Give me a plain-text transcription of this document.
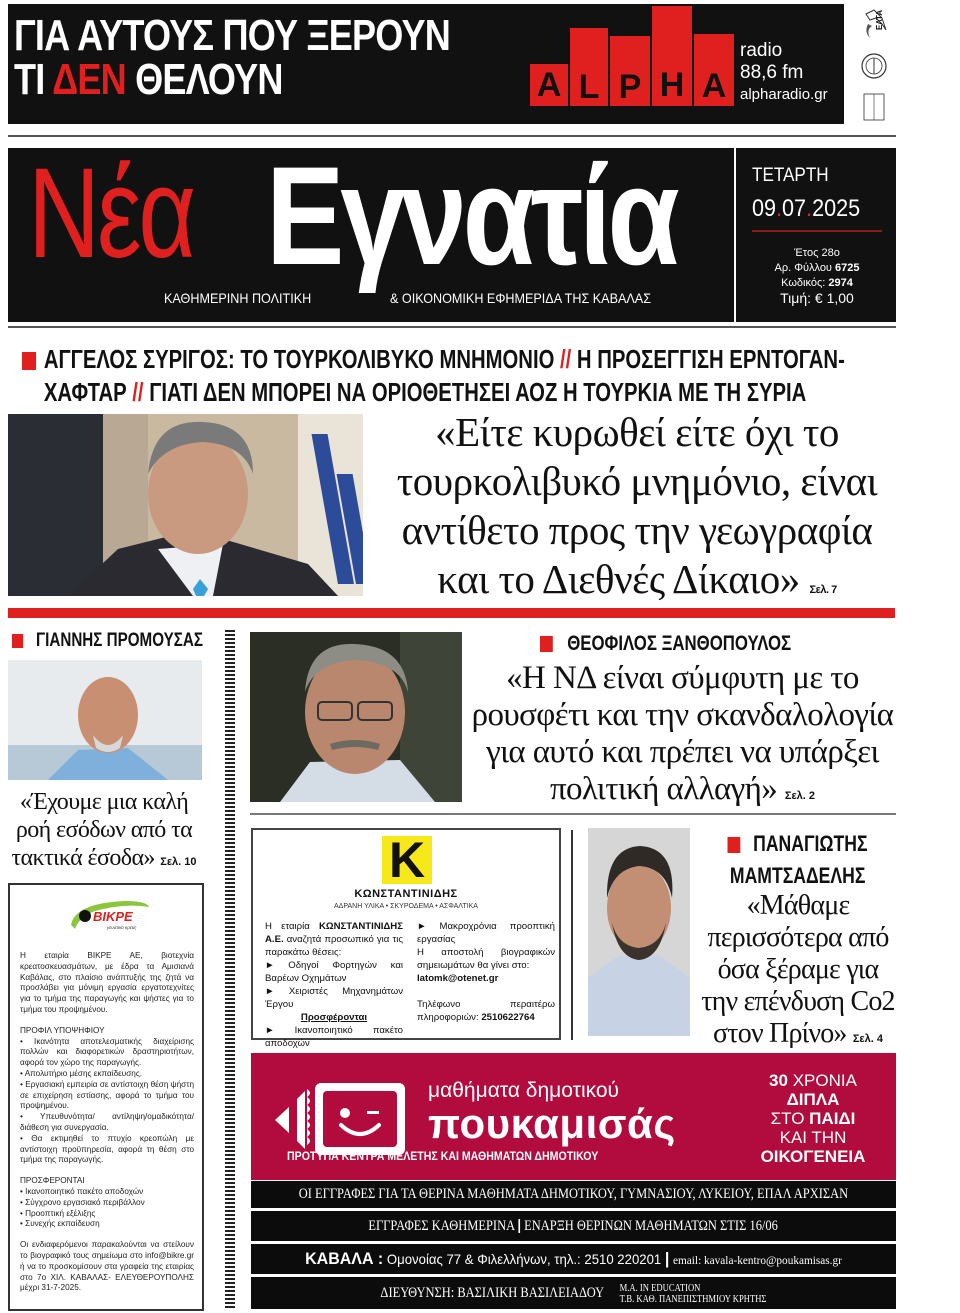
ΓΙΑ ΑΥΤΟΥΣ ΠΟΥ ΞΕΡΟΥΝ
ΤΙ ΔΕΝ ΘΕΛΟΥΝ	A L P H A
radio
88,6 fm
alpharadio.gr
ΕΛΤΑ
Νέα Εγνατία
ΚΑΘΗΜΕΡΙΝΗ ΠΟΛΙΤΙΚΗ	& ΟΙΚΟΝΟΜΙΚΗ ΕΦΗΜΕΡΙΔΑ ΤΗΣ ΚΑΒΑΛΑΣ
ΤΕΤΑΡΤΗ
09.07.2025
Έτος 28ο
Αρ. Φύλλου 6725
Κωδικός: 2974
Τιμή: € 1,00
ΑΓΓΕΛΟΣ ΣΥΡΙΓΟΣ: ΤΟ ΤΟΥΡΚΟΛΙΒΥΚΟ ΜΝΗΜΟΝΙΟ // Η ΠΡΟΣΕΓΓΙΣΗ ΕΡΝΤΟΓΑΝ-
ΧΑΦΤΑΡ // ΓΙΑΤΙ ΔΕΝ ΜΠΟΡΕΙ ΝΑ ΟΡΙΟΘΕΤΗΣΕΙ ΑΟΖ Η ΤΟΥΡΚΙΑ ΜΕ ΤΗ ΣΥΡΙΑ
«Είτε κυρωθεί είτε όχι το τουρκολιβυκό μνημόνιο, είναι αντίθετο προς την γεωγραφία και το Διεθνές Δίκαιο» Σελ. 7
ΓΙΑΝΝΗΣ ΠΡΟΜΟΥΣΑΣ
«Έχουμε μια καλή ροή εσόδων από τα τακτικά έσοδα» Σελ. 10
ΘΕΟΦΙΛΟΣ ΞΑΝΘΟΠΟΥΛΟΣ
«Η ΝΔ είναι σύμφυτη με το ρουσφέτι και την σκανδαλολογία για αυτό και πρέπει να υπάρξει πολιτική αλλαγή» Σελ. 2
K
ΚΩΝΣΤΑΝΤΙΝΙΔΗΣ
ΑΔΡΑΝΗ ΥΛΙΚΑ • ΣΚΥΡΟΔΕΜΑ • ΑΣΦΑΛΤΙΚΑ
Η εταιρία ΚΩΝΣΤΑΝΤΙΝΙΔΗΣ Α.Ε. αναζητά προσωπικό για τις παρακάτω θέσεις:
► Οδηγοί Φορτηγών και Βαρέων Οχημάτων
► Χειριστές Μηχανημάτων Έργου
Προσφέρονται
► Ικανοποιητικό πακέτο αποδοχών
► Μακροχρόνια προοπτική εργασίας
Η αποστολή βιογραφικών σημειωμάτων θα γίνει στο:
latomk@otenet.gr
Τηλέφωνο περαιτέρω πληροφοριών: 2510622764
ΠΑΝΑΓΙΩΤΗΣ
ΜΑΜΤΣΑΔΕΛΗΣ
«Μάθαμε περισσότερα από όσα ξέραμε για την επένδυση Co2 στον Πρίνο» Σελ. 4
BIKPE
γευστικό κρέας

Η εταιρία ΒΙΚΡΕ ΑΕ, βιοτεχνία κρεατοσκευασμάτων, με έδρα τα Αμισιανά Καβάλας, στο πλαίσιο ανάπτυξής της ζητά να προσλάβει για μόνιμη εργασία εργατοτεχνίτες για το τμήμα της παραγωγής και ψήστες για το τμήμα του προψημένου.

ΠΡΟΦΙΛ ΥΠΟΨΗΦΙΟΥ

• Ικανότητα αποτελεσματικής διαχείρισης πολλών και διαφορετικών δραστηριοτήτων, αφορά τον χώρο της παραγωγής.
• Απολυτήριο μέσης εκπαίδευσης.
• Εργασιακή εμπειρία σε αντίστοιχη θέση ψήστη σε επιχείρηση εστίασης, αφορά το τμήμα του προψημένου.
• Υπευθυνότητα/ αντίληψη/ομαδικότητα/ διάθεση για συνεργασία.
• Θα εκτιμηθεί το πτυχίο κρεοπώλη με αντίστοιχη προϋπηρεσία, αφορά τη θέση στο τμήμα της παραγωγής.

ΠΡΟΣΦΕΡΟΝΤΑΙ

• Ικανοποιητικό πακέτο αποδοχών
• Σύγχρονο εργασιακό περιβάλλον
• Προοπτική εξέλιξης
• Συνεχής εκπαίδευση

Οι ενδιαφερόμενοι παρακαλούνται να στείλουν το βιογραφικό τους σημείωμα στο info@bikre.gr ή να το προσκομίσουν στα γραφεία της εταιρίας στο 7ο ΧΙΛ. ΚΑΒΑΛΑΣ- ΕΛΕΥΘΕΡΟΥΠΟΛΗΣ μέχρι 31-7-2025.

μαθήματα δημοτικού
πουκαμισάς
ΠΡΟΤΥΠΑ ΚΕΝΤΡΑ ΜΕΛΕΤΗΣ ΚΑΙ ΜΑΘΗΜΑΤΩΝ ΔΗΜΟΤΙΚΟΥ
30 ΧΡΟΝΙΑ
ΔΙΠΛΑ
ΣΤΟ ΠΑΙΔΙ
ΚΑΙ ΤΗΝ
ΟΙΚΟΓΕΝΕΙΑ
ΟΙ ΕΓΓΡΑΦΕΣ ΓΙΑ ΤΑ ΘΕΡΙΝΑ ΜΑΘΗΜΑΤΑ ΔΗΜΟΤΙΚΟΥ, ΓΥΜΝΑΣΙΟΥ, ΛΥΚΕΙΟΥ, ΕΠΑΛ ΑΡΧΙΣΑΝ
ΕΓΓΡΑΦΕΣ ΚΑΘΗΜΕΡΙΝΑ | ΕΝΑΡΞΗ ΘΕΡΙΝΩΝ ΜΑΘΗΜΑΤΩΝ ΣΤΙΣ 16/06
ΚΑΒΑΛΑ : Ομονοίας 77 & Φιλελλήνων, τηλ.: 2510 220201 | email: kavala-kentro@poukamisas.gr
ΔΙΕΥΘΥΝΣΗ: ΒΑΣΙΛΙΚΗ ΒΑΣΙΛΕΙΑΔΟΥ M.A. IN EDUCATION
Τ.Β. ΚΑΘ. ΠΑΝΕΠΙΣΤΗΜΙΟΥ ΚΡΗΤΗΣ
